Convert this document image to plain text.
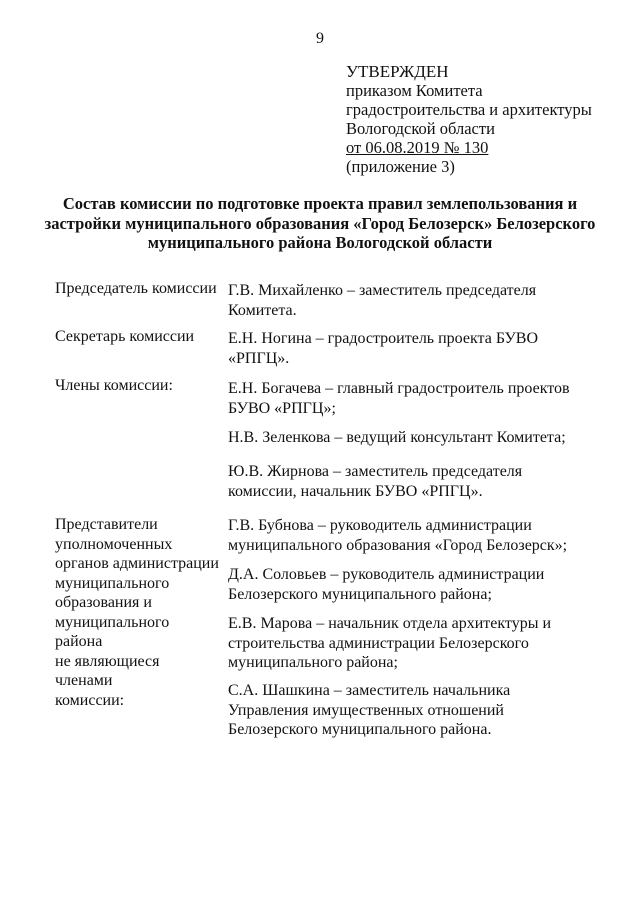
9
УТВЕРЖДЕН
приказом Комитета
градостроительства и архитектуры
Вологодской области
от 06.08.2019 № 130
(приложение 3)
Состав комиссии по подготовке проекта правил землепользования и
застройки муниципального образования «Город Белозерск» Белозерского
муниципального района Вологодской области
Председатель комиссии Г.В. Михайленко – заместитель председателя
Комитета.
Секретарь комиссии	Е.Н. Ногина – градостроитель проекта БУВО
«РПГЦ».
Члены комиссии:	Е.Н. Богачева – главный градостроитель проектов
БУВО «РПГЦ»;
Н.В. Зеленкова – ведущий консультант Комитета;
Ю.В. Жирнова – заместитель председателя
комиссии, начальник БУВО «РПГЦ».
Представители
уполномоченных
органов администрации
муниципального
образования и
муниципального района
не являющиеся членами
комиссии:
Г.В. Бубнова – руководитель администрации
муниципального образования «Город Белозерск»;
Д.А. Соловьев – руководитель администрации
Белозерского муниципального района;
Е.В. Марова – начальник отдела архитектуры и
строительства администрации Белозерского
муниципального района;
С.А. Шашкина – заместитель начальника
Управления имущественных отношений
Белозерского муниципального района.
